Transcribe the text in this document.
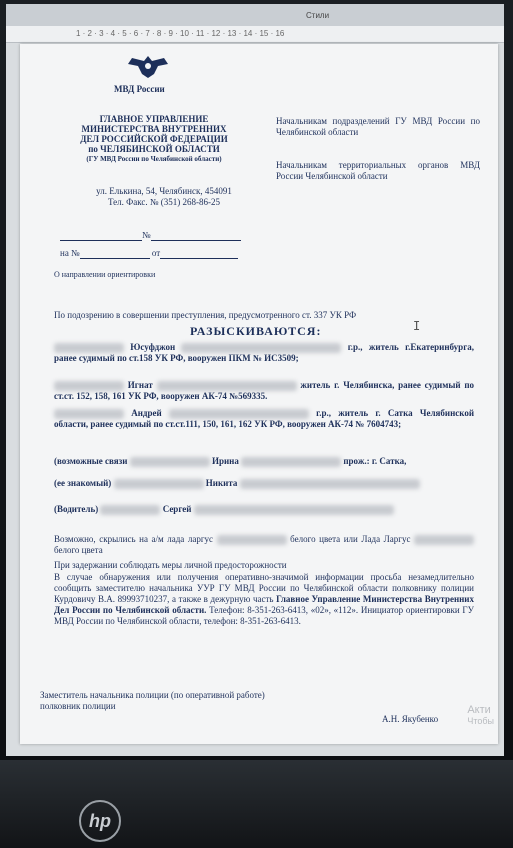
Стили
1 · 2 · 3 · 4 · 5 · 6 · 7 · 8 · 9 · 10 · 11 · 12 · 13 · 14 · 15 · 16
МВД России
ГЛАВНОЕ УПРАВЛЕНИЕ
МИНИСТЕРСТВА ВНУТРЕННИХ
ДЕЛ РОССИЙСКОЙ ФЕДЕРАЦИИ
по ЧЕЛЯБИНСКОЙ ОБЛАСТИ
(ГУ МВД России по Челябинской области)
ул. Елькина, 54, Челябинск, 454091
Тел. Факс. № (351) 268-86-25
№
на №	от
О направлении ориентировки
Начальникам подразделений ГУ МВД России по Челябинской области
Начальникам территориальных органов МВД России Челябинской области
По подозрению в совершении преступления, предусмотренного ст. 337 УК РФ
РАЗЫСКИВАЮТСЯ:	I
Юсуфджон	г.р., житель г.Екатеринбурга, ранее судимый по ст.158 УК РФ, вооружен ПКМ № ИС3509;
Игнат	житель г. Челябинска, ранее судимый по ст.ст. 152, 158, 161 УК РФ, вооружен АК-74 №569335.
Андрей	г.р., житель г. Сатка Челябинской области, ранее судимый по ст.ст.111, 150, 161, 162 УК РФ, вооружен АК-74 № 7604743;
(возможные связи	Ирина	прож.: г. Сатка,
(ее знакомый)	Никита
(Водитель)	Сергей
Возможно, скрылись на а/м лада ларгус	белого цвета или Лада Ларгус  белого цвета
При задержании соблюдать меры личной предосторожности
В случае обнаружения или получения оперативно-значимой информации просьба незамедлительно сообщить заместителю начальника УУР ГУ МВД России по Челябинской области полковнику полиции Курдовичу В.А. 89993710237, а также в дежурную часть Главное Управление Министерства Внутренних Дел России по Челябинской области. Телефон: 8-351-263-6413, «02», «112». Инициатор ориентировки ГУ МВД России по Челябинской области, телефон: 8-351-263-6413.
Заместитель начальника полиции (по оперативной работе)
полковник полиции
А.Н. Якубенко
Акти
Чтобы
hp
